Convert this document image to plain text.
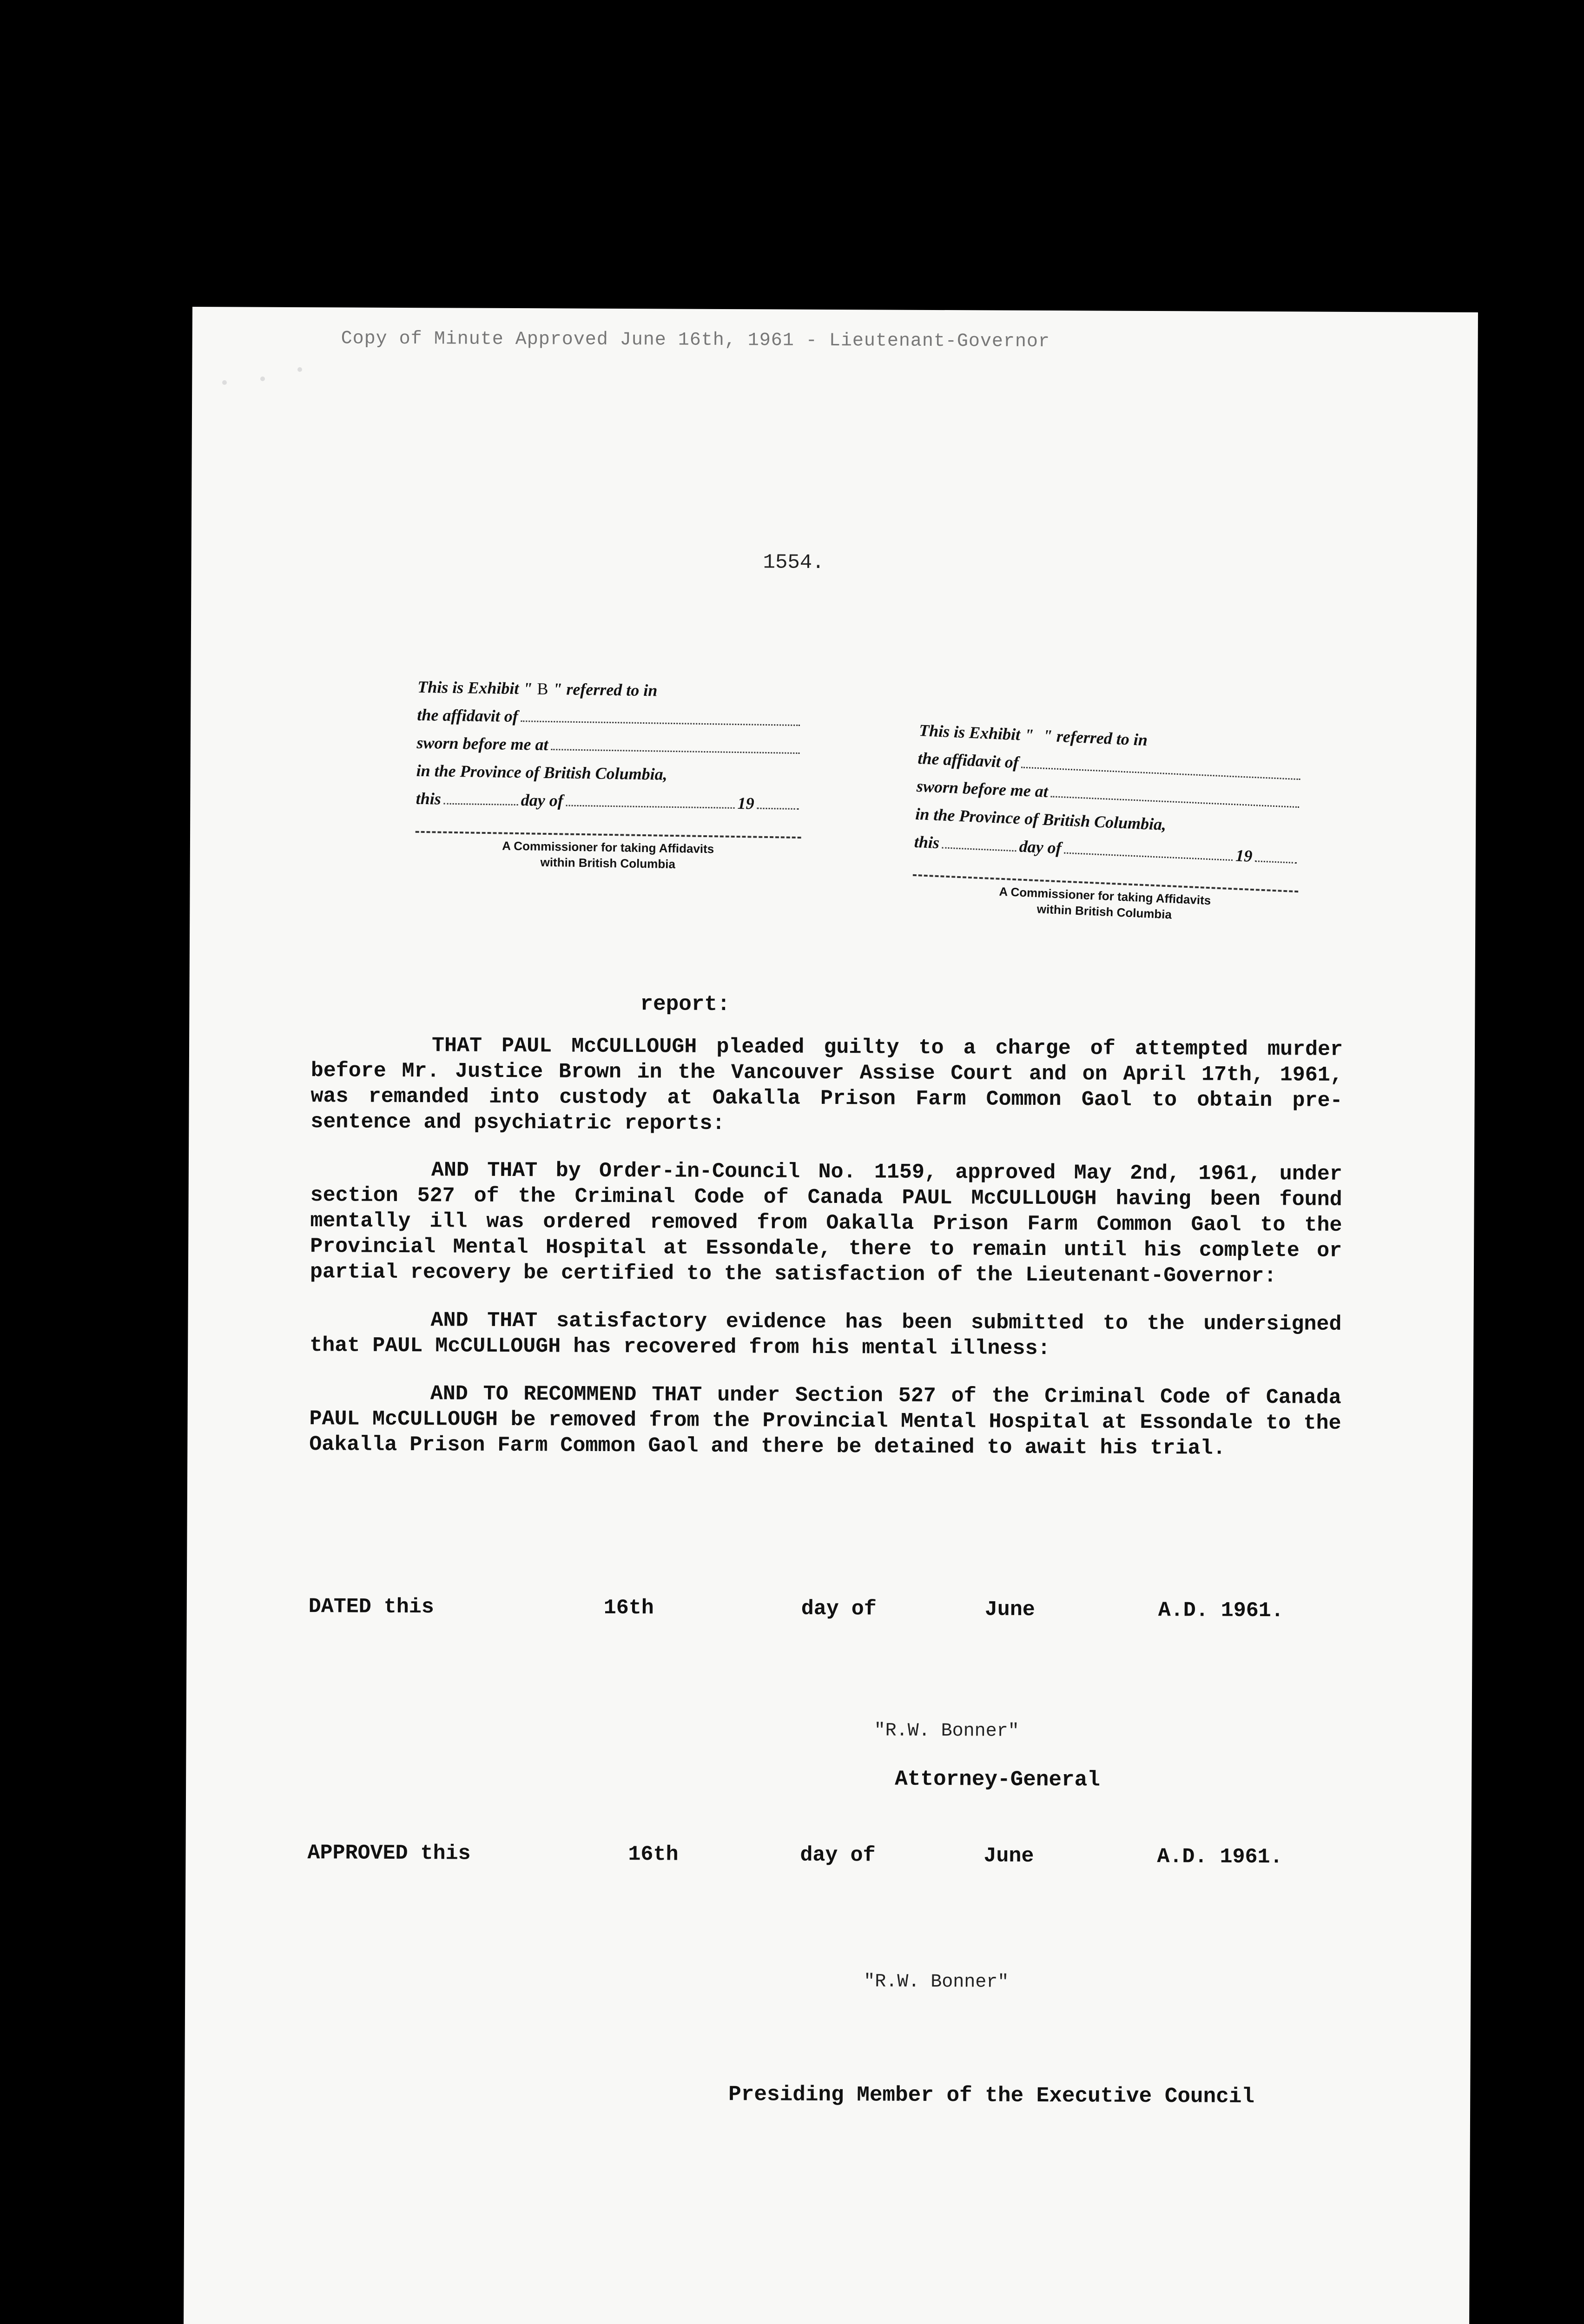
Copy of Minute Approved June 16th, 1961 - Lieutenant-Governor
1554.
This is Exhibit " B " referred to in
the affidavit of
sworn before me at
in the Province of British Columbia,
this	day of	19
A Commissioner for taking Affidavits
within British Columbia
This is Exhibit " " referred to in
the affidavit of
sworn before me at
in the Province of British Columbia,
this	day of	19
A Commissioner for taking Affidavits
within British Columbia
report:

THAT PAUL McCULLOUGH pleaded guilty to a charge of attempted murder before Mr. Justice Brown in the Vancouver Assise Court and on April 17th, 1961, was remanded into custody at Oakalla Prison Farm Common Gaol to obtain pre-sentence and psychiatric reports:

AND THAT by Order-in-Council No. 1159, approved May 2nd, 1961, under section 527 of the Criminal Code of Canada PAUL McCULLOUGH having been found mentally ill was ordered removed from Oakalla Prison Farm Common Gaol to the Provincial Mental Hospital at Essondale, there to remain until his complete or partial recovery be certified to the satisfaction of the Lieutenant-Governor:

AND THAT satisfactory evidence has been submitted to the undersigned that PAUL McCULLOUGH has recovered from his mental illness:

AND TO RECOMMEND THAT under Section 527 of the Criminal Code of Canada PAUL McCULLOUGH be removed from the Provincial Mental Hospital at Essondale to the Oakalla Prison Farm Common Gaol and there be detained to await his trial.

DATED this	16th	day of	June	A.D. 1961.
"R.W. Bonner"
Attorney-General
APPROVED this	16th	day of	June	A.D. 1961.
"R.W. Bonner"
Presiding Member of the Executive Council
